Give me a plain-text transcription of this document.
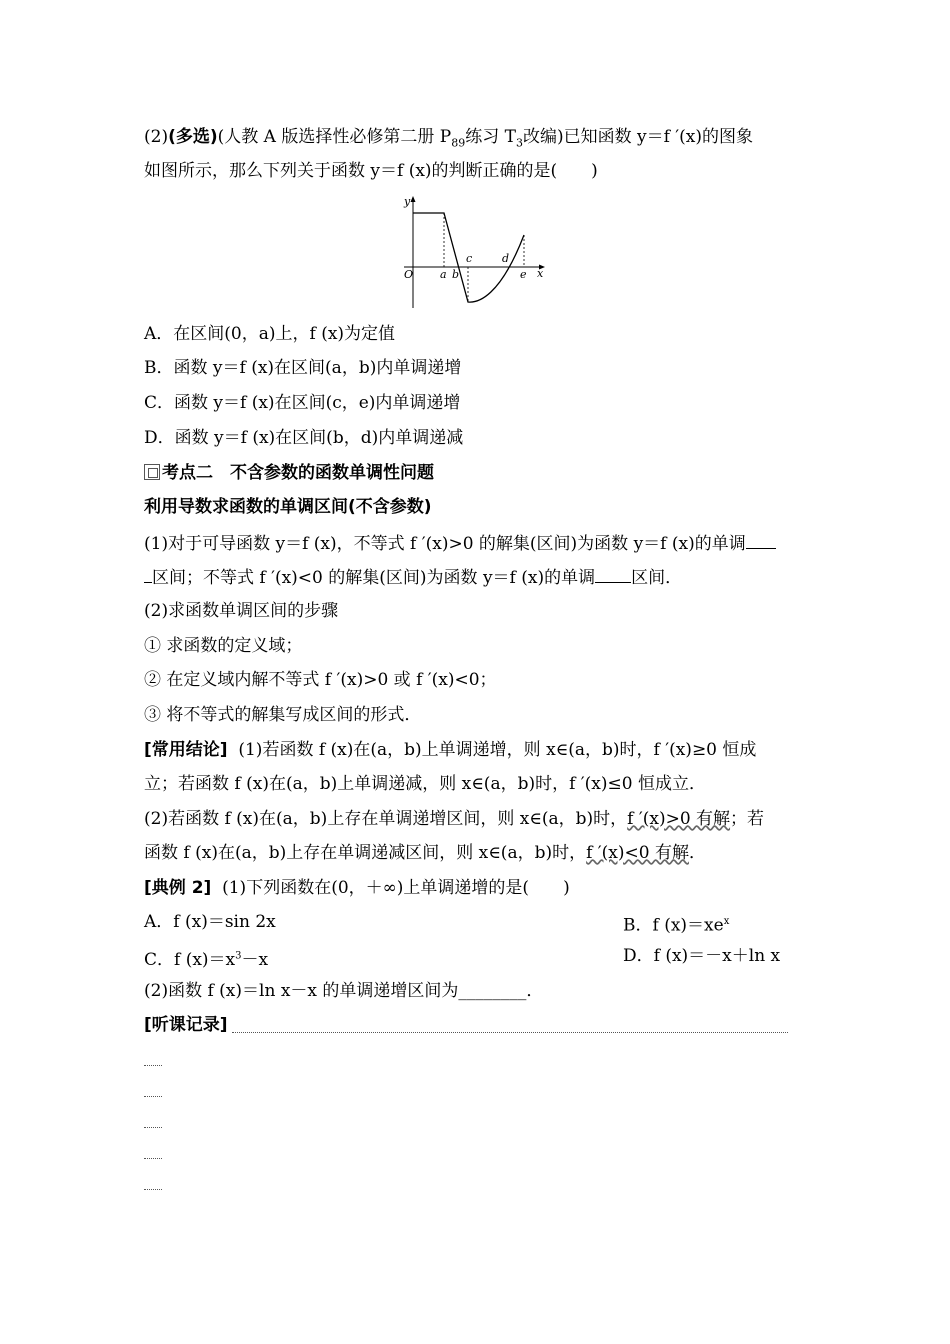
(2)(多选)(人教 A 版选择性必修第二册 $P_{89}$练习 $T_3$改编)已知函数 y＝f ′(x)的图象
如图所示，那么下列关于函数 y＝f (x)的判断正确的是(　　)
y
x
O a b
c	d
e
A．在区间(0，a)上，f (x)为定值
B．函数 y＝f (x)在区间(a，b)内单调递增
C．函数 y＝f (x)在区间(c，e)内单调递增
D．函数 y＝f (x)在区间(b，d)内单调递减
考点二　不含参数的函数单调性问题
利用导数求函数的单调区间(不含参数)
(1)对于可导函数 y＝f (x)，不等式 f ′(x)>0 的解集(区间)为函数 y＝f (x)的单调
区间；不等式 f ′(x)<0 的解集(区间)为函数 y＝f (x)的单调 区间．
(2)求函数单调区间的步骤
① 求函数的定义域；
② 在定义域内解不等式 f ′(x)>0 或 f ′(x)<0；
③ 将不等式的解集写成区间的形式．
[常用结论] (1)若函数 f (x)在(a，b)上单调递增，则 x∈(a，b)时，f ′(x)≥0 恒成
立；若函数 f (x)在(a，b)上单调递减，则 x∈(a，b)时，f ′(x)≤0 恒成立．
(2)若函数 f (x)在(a，b)上存在单调递增区间，则 x∈(a，b)时，f ′(x)>0 有解；若
函数 f (x)在(a，b)上存在单调递减区间，则 x∈(a，b)时，f ′(x)<0 有解．
[典例 2] (1)下列函数在(0，＋∞)上单调递增的是(　　)
A．f (x)＝sin 2x	B．f $(x)=xe^x$
C．f $(x)=x^3-x$	D．f (x)＝－x＋ln x
(2)函数 f (x)＝ln x－x 的单调递增区间为________．
[听课记录]
